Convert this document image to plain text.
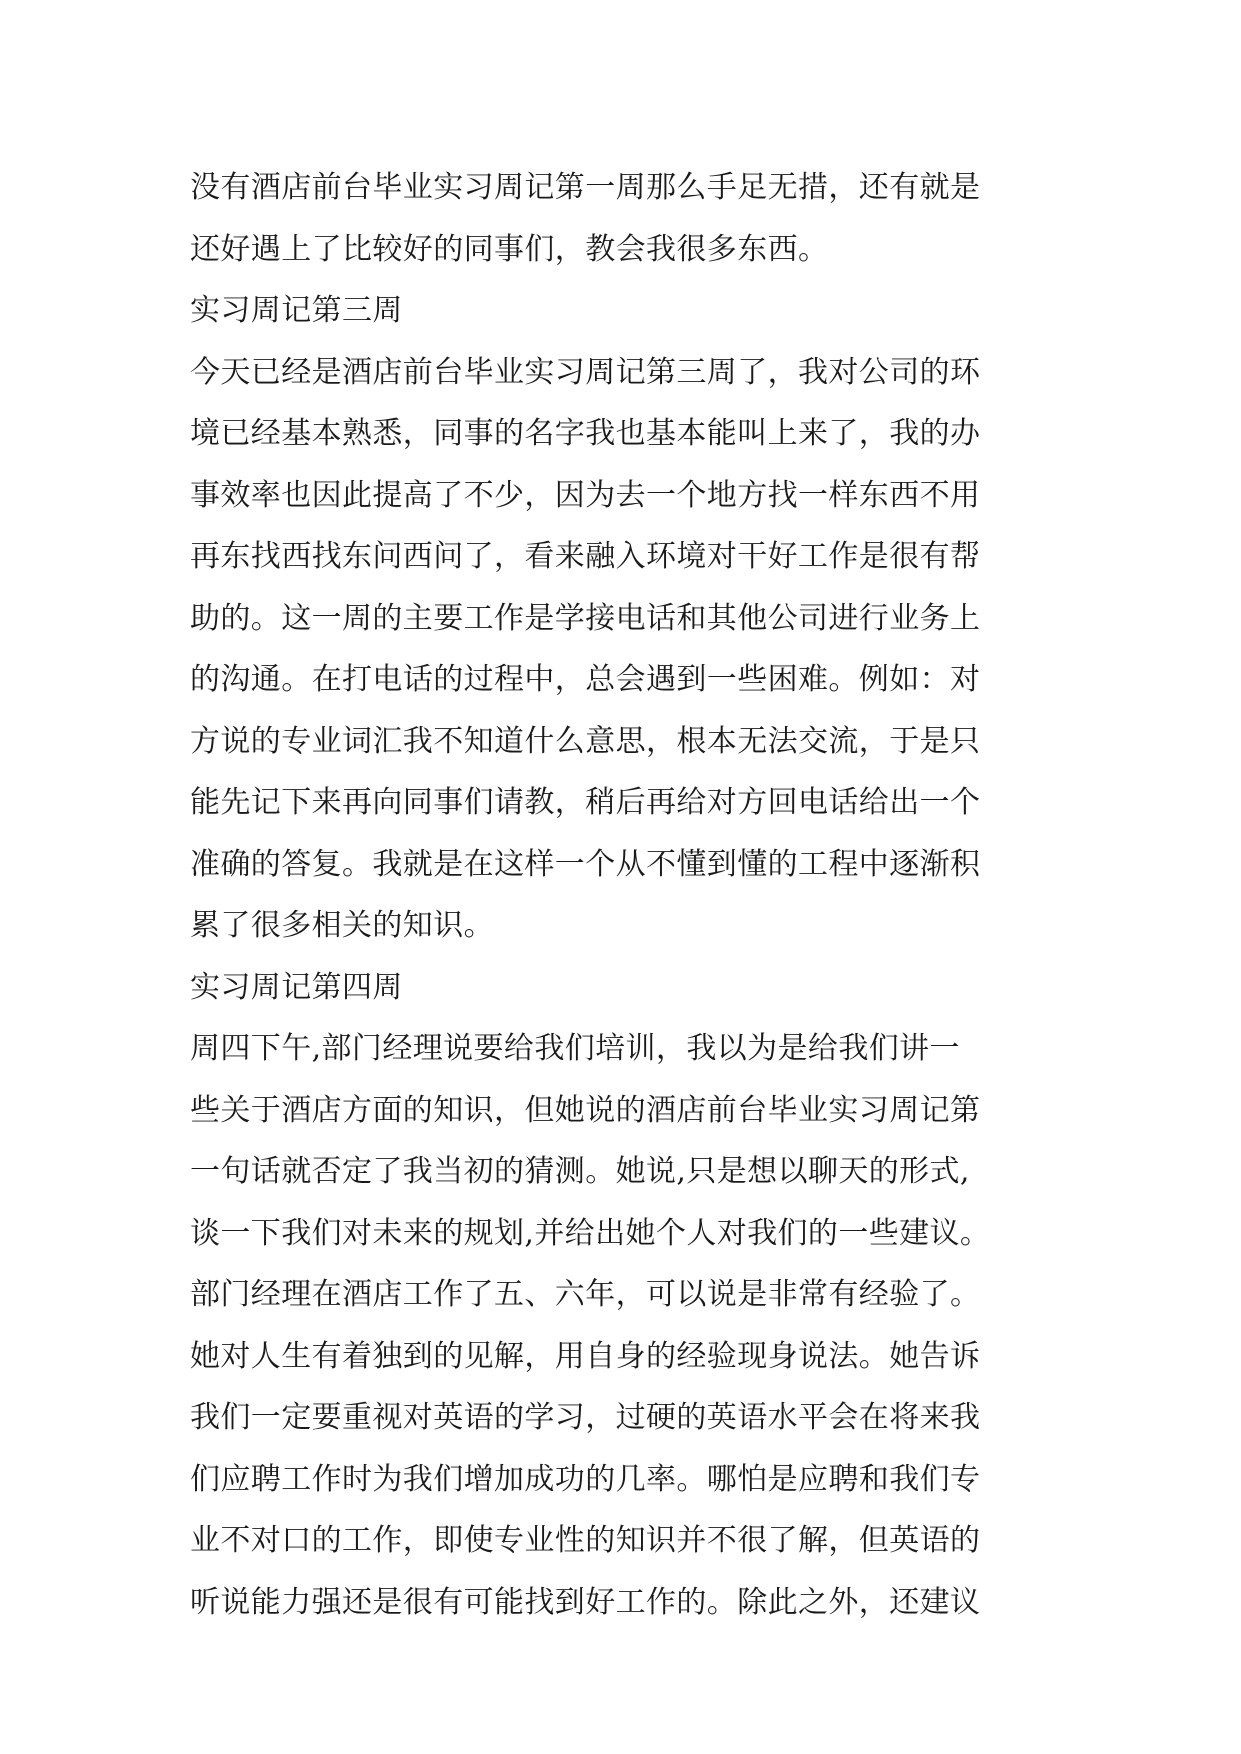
没有酒店前台毕业实习周记第一周那么手足无措，还有就是
还好遇上了比较好的同事们，教会我很多东西。
实习周记第三周
今天已经是酒店前台毕业实习周记第三周了，我对公司的环
境已经基本熟悉，同事的名字我也基本能叫上来了，我的办
事效率也因此提高了不少，因为去一个地方找一样东西不用
再东找西找东问西问了，看来融入环境对干好工作是很有帮
助的。这一周的主要工作是学接电话和其他公司进行业务上
的沟通。在打电话的过程中，总会遇到一些困难。例如：对
方说的专业词汇我不知道什么意思，根本无法交流，于是只
能先记下来再向同事们请教，稍后再给对方回电话给出一个
准确的答复。我就是在这样一个从不懂到懂的工程中逐渐积
累了很多相关的知识。
实习周记第四周
周四下午,部门经理说要给我们培训，我以为是给我们讲一
些关于酒店方面的知识，但她说的酒店前台毕业实习周记第
一句话就否定了我当初的猜测。她说,只是想以聊天的形式,
谈一下我们对未来的规划,并给出她个人对我们的一些建议。
部门经理在酒店工作了五、六年，可以说是非常有经验了。
她对人生有着独到的见解，用自身的经验现身说法。她告诉
我们一定要重视对英语的学习，过硬的英语水平会在将来我
们应聘工作时为我们增加成功的几率。哪怕是应聘和我们专
业不对口的工作，即使专业性的知识并不很了解，但英语的
听说能力强还是很有可能找到好工作的。除此之外，还建议
